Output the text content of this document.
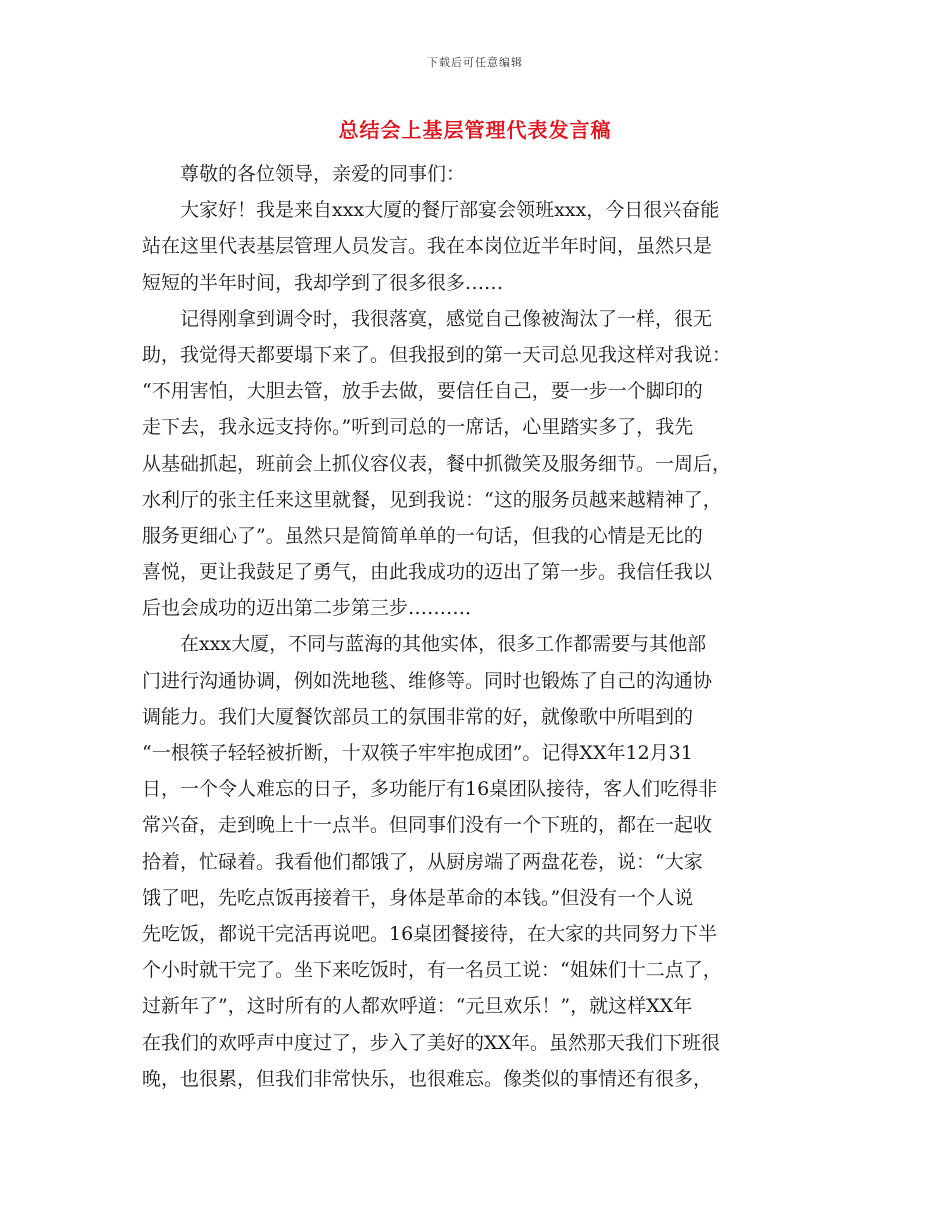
下载后可任意编辑
总结会上基层管理代表发言稿
　　尊敬的各位领导，亲爱的同事们：
　　大家好！我是来自xxx大厦的餐厅部宴会领班xxx，今日很兴奋能
站在这里代表基层管理人员发言。我在本岗位近半年时间，虽然只是
短短的半年时间，我却学到了很多很多……
　　记得刚拿到调令时，我很落寞，感觉自己像被淘汰了一样，很无
助，我觉得天都要塌下来了。但我报到的第一天司总见我这样对我说：
“不用害怕，大胆去管，放手去做，要信任自己，要一步一个脚印的
走下去，我永远支持你。”听到司总的一席话，心里踏实多了，我先
从基础抓起，班前会上抓仪容仪表，餐中抓微笑及服务细节。一周后，
水利厅的张主任来这里就餐，见到我说：“这的服务员越来越精神了，
服务更细心了”。虽然只是简简单单的一句话，但我的心情是无比的
喜悦，更让我鼓足了勇气，由此我成功的迈出了第一步。我信任我以
后也会成功的迈出第二步第三步………．
　　在xxx大厦，不同与蓝海的其他实体，很多工作都需要与其他部
门进行沟通协调，例如洗地毯、维修等。同时也锻炼了自己的沟通协
调能力。我们大厦餐饮部员工的氛围非常的好，就像歌中所唱到的
“一根筷子轻轻被折断，十双筷子牢牢抱成团”。记得XX年12月31
日，一个令人难忘的日子，多功能厅有16桌团队接待，客人们吃得非
常兴奋，走到晚上十一点半。但同事们没有一个下班的，都在一起收
拾着，忙碌着。我看他们都饿了，从厨房端了两盘花卷，说：“大家
饿了吧，先吃点饭再接着干，身体是革命的本钱。”但没有一个人说
先吃饭，都说干完活再说吧。16桌团餐接待，在大家的共同努力下半
个小时就干完了。坐下来吃饭时，有一名员工说：“姐妹们十二点了，
过新年了”，这时所有的人都欢呼道：“元旦欢乐！”，就这样XX年
在我们的欢呼声中度过了，步入了美好的XX年。虽然那天我们下班很
晚，也很累，但我们非常快乐，也很难忘。像类似的事情还有很多，
